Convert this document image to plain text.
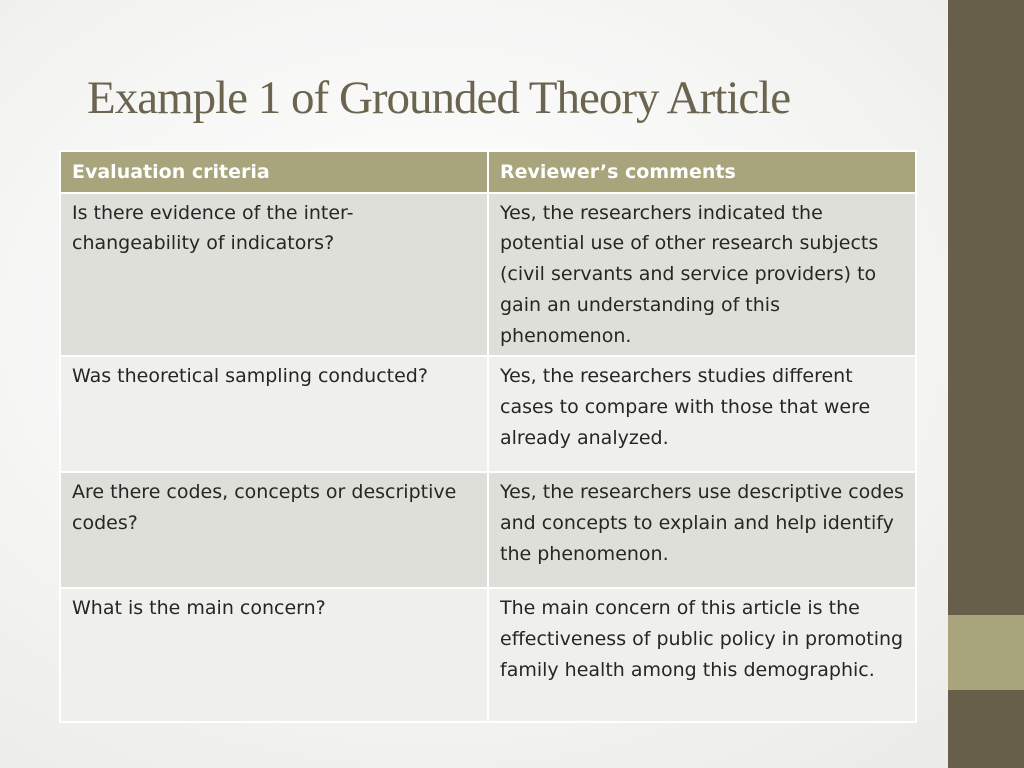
Example 1 of Grounded Theory Article
Evaluation criteria	Reviewer’s comments
Is there evidence of the inter-changeability of indicators?	Yes, the researchers indicated the potential use of other research subjects (civil servants and service providers) to gain an understanding of this phenomenon.
Was theoretical sampling conducted?	Yes, the researchers studies different cases to compare with those that were already analyzed.
Are there codes, concepts or descriptive codes?	Yes, the researchers use descriptive codes and concepts to explain and help identify the phenomenon.
What is the main concern?	The main concern of this article is the effectiveness of public policy in promoting family health among this demographic.
